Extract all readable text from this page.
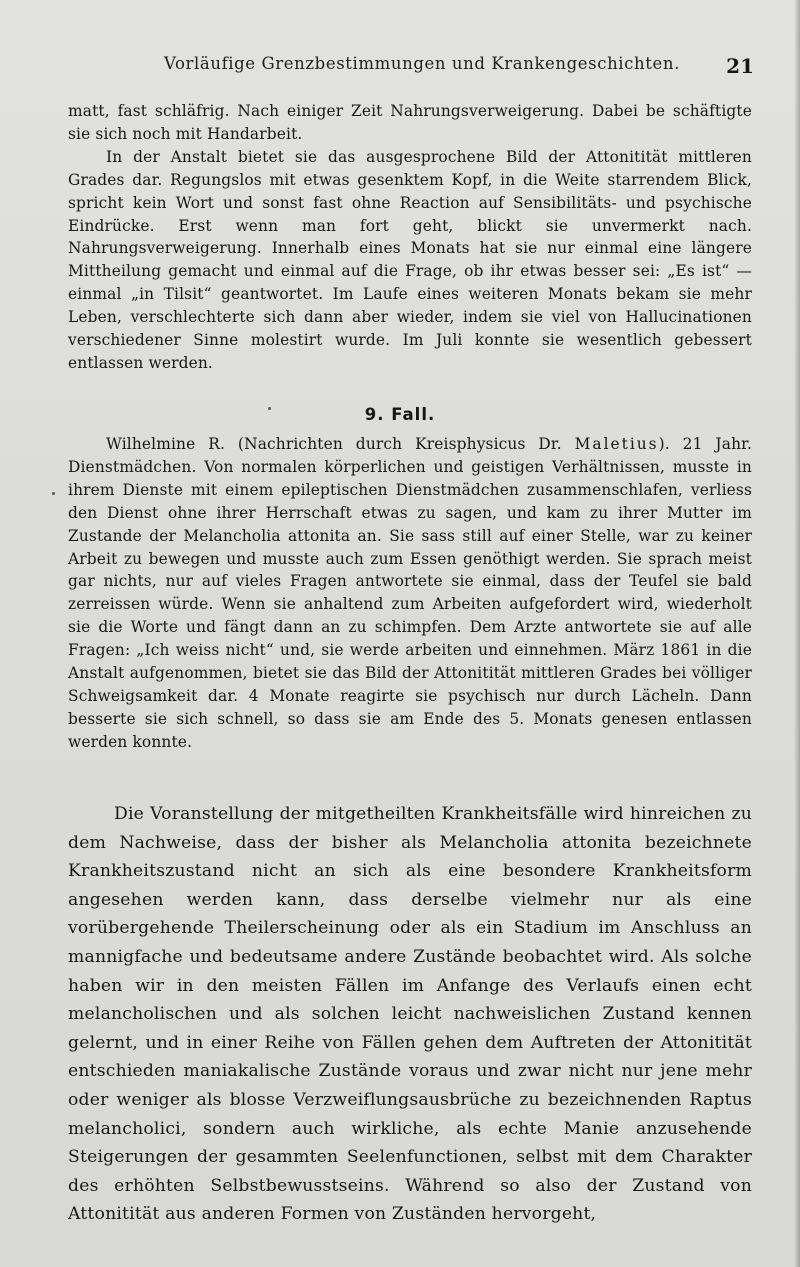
Vorläufige Grenzbestimmungen und Krankengeschichten. 21

matt, fast schläfrig. Nach einiger Zeit Nahrungsverweigerung. Dabei be schäftigte sie sich noch mit Handarbeit.

In der Anstalt bietet sie das ausgesprochene Bild der Attonitität mittleren Grades dar. Regungslos mit etwas gesenktem Kopf, in die Weite starrendem Blick, spricht kein Wort und sonst fast ohne Reaction auf Sensibilitäts- und psychische Eindrücke. Erst wenn man fort geht, blickt sie unvermerkt nach. Nahrungsverweigerung. Innerhalb eines Monats hat sie nur einmal eine längere Mittheilung gemacht und einmal auf die Frage, ob ihr etwas besser sei: „Es ist“ — einmal „in Tilsit“ geantwortet. Im Laufe eines weiteren Monats bekam sie mehr Leben, verschlechterte sich dann aber wieder, indem sie viel von Hallucinationen verschiedener Sinne molestirt wurde. Im Juli konnte sie wesentlich gebessert entlassen werden.

9. Fall.

Wilhelmine R. (Nachrichten durch Kreisphysicus Dr. Maletius). 21 Jahr. Dienstmädchen. Von normalen körperlichen und geistigen Verhältnissen, musste in ihrem Dienste mit einem epileptischen Dienstmädchen zusammenschlafen, verliess den Dienst ohne ihrer Herrschaft etwas zu sagen, und kam zu ihrer Mutter im Zustande der Melancholia attonita an. Sie sass still auf einer Stelle, war zu keiner Arbeit zu bewegen und musste auch zum Essen genöthigt werden. Sie sprach meist gar nichts, nur auf vieles Fragen antwortete sie einmal, dass der Teufel sie bald zerreissen würde. Wenn sie anhaltend zum Arbeiten aufgefordert wird, wiederholt sie die Worte und fängt dann an zu schimpfen. Dem Arzte antwortete sie auf alle Fragen: „Ich weiss nicht“ und, sie werde arbeiten und einnehmen. März 1861 in die Anstalt aufgenommen, bietet sie das Bild der Attonitität mittleren Grades bei völliger Schweigsamkeit dar. 4 Monate reagirte sie psychisch nur durch Lächeln. Dann besserte sie sich schnell, so dass sie am Ende des 5. Monats genesen entlassen werden konnte.

Die Voranstellung der mitgetheilten Krankheitsfälle wird hinreichen zu dem Nachweise, dass der bisher als Melancholia attonita bezeichnete Krankheitszustand nicht an sich als eine besondere Krankheitsform angesehen werden kann, dass derselbe vielmehr nur als eine vorübergehende Theilerscheinung oder als ein Stadium im Anschluss an mannigfache und bedeutsame andere Zustände beobachtet wird. Als solche haben wir in den meisten Fällen im Anfange des Verlaufs einen echt melancholischen und als solchen leicht nachweislichen Zustand kennen gelernt, und in einer Reihe von Fällen gehen dem Auftreten der Attonitität entschieden maniakalische Zustände voraus und zwar nicht nur jene mehr oder weniger als blosse Verzweiflungsausbrüche zu bezeichnenden Raptus melancholici, sondern auch wirkliche, als echte Manie anzusehende Steigerungen der gesammten Seelenfunctionen, selbst mit dem Charakter des erhöhten Selbstbewusstseins. Während so also der Zustand von Attonitität aus anderen Formen von Zuständen hervorgeht,
